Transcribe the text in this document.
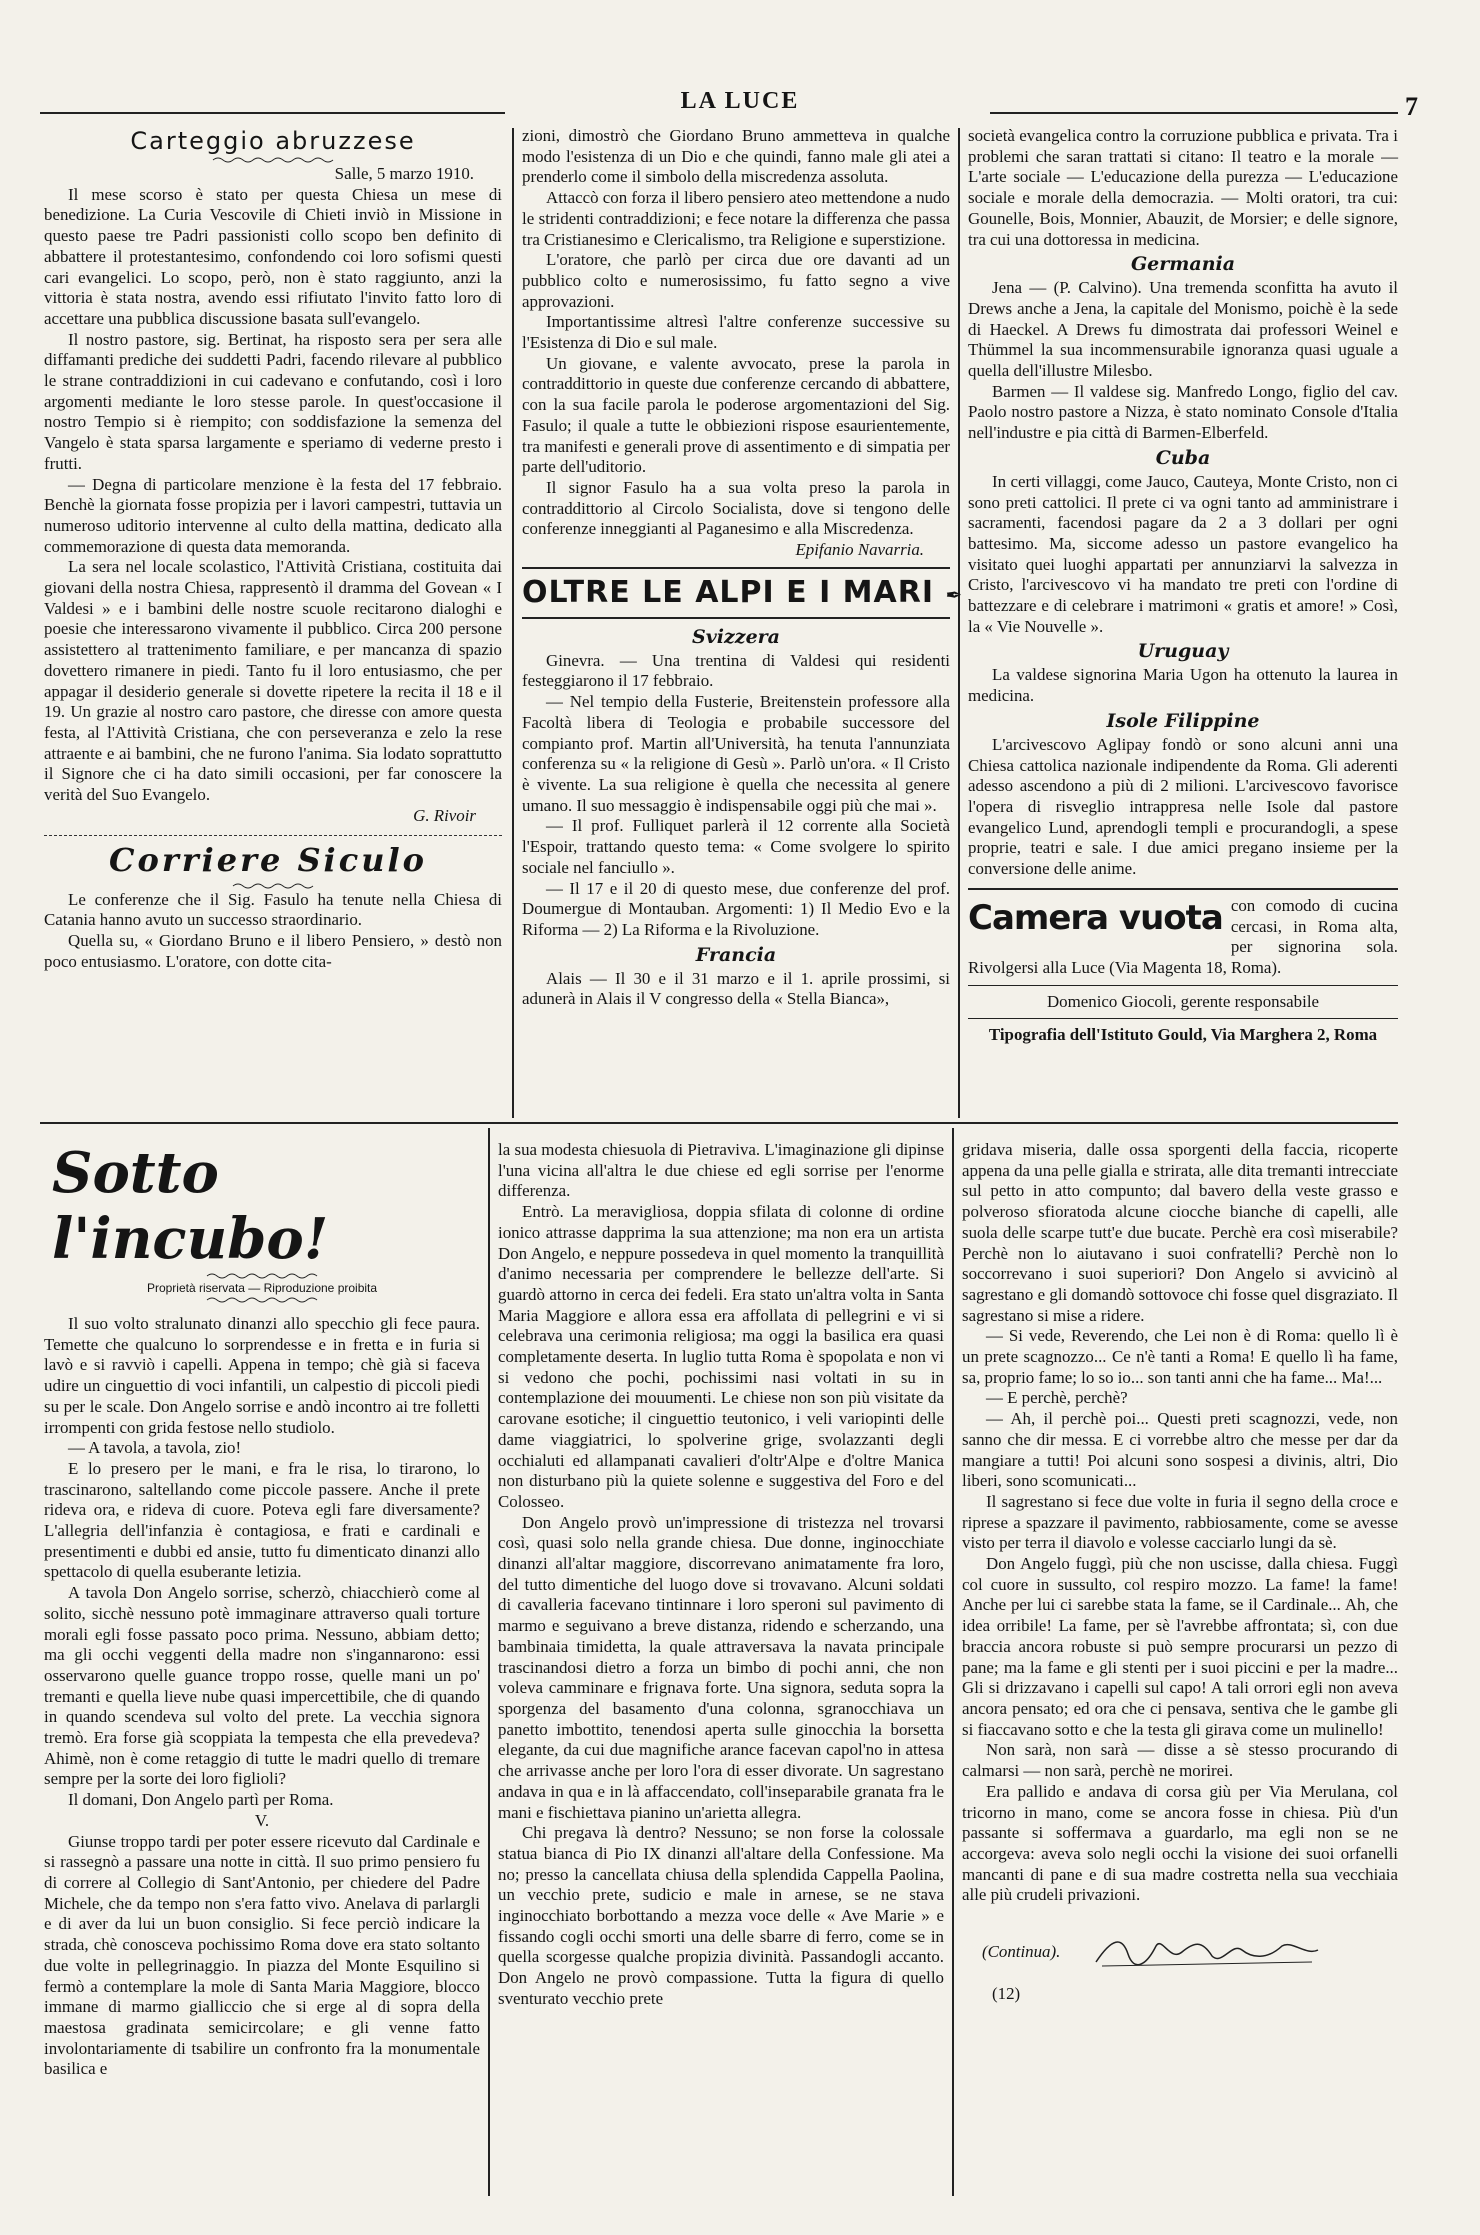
LA LUCE	7
Carteggio abruzzese

Salle, 5 marzo 1910.

Il mese scorso è stato per questa Chiesa un mese di benedizione. La Curia Vescovile di Chieti inviò in Missione in questo paese tre Padri passionisti collo scopo ben definito di abbattere il protestantesimo, confondendo coi loro sofismi questi cari evangelici. Lo scopo, però, non è stato raggiunto, anzi la vittoria è stata nostra, avendo essi rifiutato l'invito fatto loro di accettare una pubblica discussione basata sull'evangelo.

Il nostro pastore, sig. Bertinat, ha risposto sera per sera alle diffamanti prediche dei suddetti Padri, facendo rilevare al pubblico le strane contraddizioni in cui cadevano e confutando, così i loro argomenti mediante le loro stesse parole. In quest'occasione il nostro Tempio si è riempito; con soddisfazione la semenza del Vangelo è stata sparsa largamente e speriamo di vederne presto i frutti.

— Degna di particolare menzione è la festa del 17 febbraio. Benchè la giornata fosse propizia per i lavori campestri, tuttavia un numeroso uditorio intervenne al culto della mattina, dedicato alla commemorazione di questa data memoranda.

La sera nel locale scolastico, l'Attività Cristiana, costituita dai giovani della nostra Chiesa, rappresentò il dramma del Govean « I Valdesi » e i bambini delle nostre scuole recitarono dialoghi e poesie che interessarono vivamente il pubblico. Circa 200 persone assistettero al trattenimento familiare, e per mancanza di spazio dovettero rimanere in piedi. Tanto fu il loro entusiasmo, che per appagar il desiderio generale si dovette ripetere la recita il 18 e il 19. Un grazie al nostro caro pastore, che diresse con amore questa festa, al l'Attività Cristiana, che con perseveranza e zelo la rese attraente e ai bambini, che ne furono l'anima. Sia lodato soprattutto il Signore che ci ha dato simili occasioni, per far conoscere la verità del Suo Evangelo.

G. Rivoir

Corriere Siculo

Le conferenze che il Sig. Fasulo ha tenute nella Chiesa di Catania hanno avuto un successo straordinario.

Quella su, « Giordano Bruno e il libero Pensiero, » destò non poco entusiasmo. L'oratore, con dotte cita-

zioni, dimostrò che Giordano Bruno ammetteva in qualche modo l'esistenza di un Dio e che quindi, fanno male gli atei a prenderlo come il simbolo della miscredenza assoluta.

Attaccò con forza il libero pensiero ateo mettendone a nudo le stridenti contraddizioni; e fece notare la differenza che passa tra Cristianesimo e Clericalismo, tra Religione e superstizione.

L'oratore, che parlò per circa due ore davanti ad un pubblico colto e numerosissimo, fu fatto segno a vive approvazioni.

Importantissime altresì l'altre conferenze successive su l'Esistenza di Dio e sul male.

Un giovane, e valente avvocato, prese la parola in contraddittorio in queste due conferenze cercando di abbattere, con la sua facile parola le poderose argomentazioni del Sig. Fasulo; il quale a tutte le obbiezioni rispose esaurientemente, tra manifesti e generali prove di assentimento e di simpatia per parte dell'uditorio.

Il signor Fasulo ha a sua volta preso la parola in contraddittorio al Circolo Socialista, dove si tengono delle conferenze inneggianti al Paganesimo e alla Miscredenza.

Epifanio Navarria.

OLTRE LE ALPI E I MARI ✒
Svizzera

Ginevra. — Una trentina di Valdesi qui residenti festeggiarono il 17 febbraio.

— Nel tempio della Fusterie, Breitenstein professore alla Facoltà libera di Teologia e probabile successore del compianto prof. Martin all'Università, ha tenuta l'annunziata conferenza su « la religione di Gesù ». Parlò un'ora. « Il Cristo è vivente. La sua religione è quella che necessita al genere umano. Il suo messaggio è indispensabile oggi più che mai ».

— Il prof. Fulliquet parlerà il 12 corrente alla Società l'Espoir, trattando questo tema: « Come svolgere lo spirito sociale nel fanciullo ».

— Il 17 e il 20 di questo mese, due conferenze del prof. Doumergue di Montauban. Argomenti: 1) Il Medio Evo e la Riforma — 2) La Riforma e la Rivoluzione.

Francia

Alais — Il 30 e il 31 marzo e il 1. aprile prossimi, si adunerà in Alais il V congresso della « Stella Bianca»,

società evangelica contro la corruzione pubblica e privata. Tra i problemi che saran trattati si citano: Il teatro e la morale — L'arte sociale — L'educazione della purezza — L'educazione sociale e morale della democrazia. — Molti oratori, tra cui: Gounelle, Bois, Monnier, Abauzit, de Morsier; e delle signore, tra cui una dottoressa in medicina.

Germania

Jena — (P. Calvino). Una tremenda sconfitta ha avuto il Drews anche a Jena, la capitale del Monismo, poichè è la sede di Haeckel. A Drews fu dimostrata dai professori Weinel e Thümmel la sua incommensurabile ignoranza quasi uguale a quella dell'illustre Milesbo.

Barmen — Il valdese sig. Manfredo Longo, figlio del cav. Paolo nostro pastore a Nizza, è stato nominato Console d'Italia nell'industre e pia città di Barmen-Elberfeld.

Cuba

In certi villaggi, come Jauco, Cauteya, Monte Cristo, non ci sono preti cattolici. Il prete ci va ogni tanto ad amministrare i sacramenti, facendosi pagare da 2 a 3 dollari per ogni battesimo. Ma, siccome adesso un pastore evangelico ha visitato quei luoghi appartati per annunziarvi la salvezza in Cristo, l'arcivescovo vi ha mandato tre preti con l'ordine di battezzare e di celebrare i matrimoni « gratis et amore! » Così, la « Vie Nouvelle ».

Uruguay

La valdese signorina Maria Ugon ha ottenuto la laurea in medicina.

Isole Filippine

L'arcivescovo Aglipay fondò or sono alcuni anni una Chiesa cattolica nazionale indipendente da Roma. Gli aderenti adesso ascendono a più di 2 milioni. L'arcivescovo favorisce l'opera di risveglio intrappresa nelle Isole dal pastore evangelico Lund, aprendogli templi e procurandogli, a spese proprie, teatri e sale. I due amici pregano insieme per la conversione delle anime.

Camera vuota con comodo di cucina cercasi, in Roma alta, per signorina sola. Rivolgersi alla Luce (Via Magenta 18, Roma).

Domenico Giocoli, gerente responsabile

Tipografia dell'Istituto Gould, Via Marghera 2, Roma

Sotto l'incubo!
Proprietà riservata — Riproduzione proibita

Il suo volto stralunato dinanzi allo specchio gli fece paura. Temette che qualcuno lo sorprendesse e in fretta e in furia si lavò e si ravviò i capelli. Appena in tempo; chè già si faceva udire un cinguettio di voci infantili, un calpestio di piccoli piedi su per le scale. Don Angelo sorrise e andò incontro ai tre folletti irrompenti con grida festose nello studiolo.

— A tavola, a tavola, zio!

E lo presero per le mani, e fra le risa, lo tirarono, lo trascinarono, saltellando come piccole passere. Anche il prete rideva ora, e rideva di cuore. Poteva egli fare diversamente? L'allegria dell'infanzia è contagiosa, e frati e cardinali e presentimenti e dubbi ed ansie, tutto fu dimenticato dinanzi allo spettacolo di quella esuberante letizia.

A tavola Don Angelo sorrise, scherzò, chiacchierò come al solito, sicchè nessuno potè immaginare attraverso quali torture morali egli fosse passato poco prima. Nessuno, abbiam detto; ma gli occhi veggenti della madre non s'ingannarono: essi osservarono quelle guance troppo rosse, quelle mani un po' tremanti e quella lieve nube quasi impercettibile, che di quando in quando scendeva sul volto del prete. La vecchia signora tremò. Era forse già scoppiata la tempesta che ella prevedeva? Ahimè, non è come retaggio di tutte le madri quello di tremare sempre per la sorte dei loro figlioli?

Il domani, Don Angelo partì per Roma.

V.

Giunse troppo tardi per poter essere ricevuto dal Cardinale e si rassegnò a passare una notte in città. Il suo primo pensiero fu di correre al Collegio di Sant'Antonio, per chiedere del Padre Michele, che da tempo non s'era fatto vivo. Anelava di parlargli e di aver da lui un buon consiglio. Si fece perciò indicare la strada, chè conosceva pochissimo Roma dove era stato soltanto due volte in pellegrinaggio. In piazza del Monte Esquilino si fermò a contemplare la mole di Santa Maria Maggiore, blocco immane di marmo gialliccio che si erge al di sopra della maestosa gradinata semicircolare; e gli venne fatto involontariamente di tsabilire un confronto fra la monumentale basilica e

la sua modesta chiesuola di Pietraviva. L'imaginazione gli dipinse l'una vicina all'altra le due chiese ed egli sorrise per l'enorme differenza.

Entrò. La meravigliosa, doppia sfilata di colonne di ordine ionico attrasse dapprima la sua attenzione; ma non era un artista Don Angelo, e neppure possedeva in quel momento la tranquillità d'animo necessaria per comprendere le bellezze dell'arte. Si guardò attorno in cerca dei fedeli. Era stato un'altra volta in Santa Maria Maggiore e allora essa era affollata di pellegrini e vi si celebrava una cerimonia religiosa; ma oggi la basilica era quasi completamente deserta. In luglio tutta Roma è spopolata e non vi si vedono che pochi, pochissimi nasi voltati in su in contemplazione dei mouumenti. Le chiese non son più visitate da carovane esotiche; il cinguettio teutonico, i veli variopinti delle dame viaggiatrici, lo spolverine grige, svolazzanti degli occhialuti ed allampanati cavalieri d'oltr'Alpe e d'oltre Manica non disturbano più la quiete solenne e suggestiva del Foro e del Colosseo.

Don Angelo provò un'impressione di tristezza nel trovarsi così, quasi solo nella grande chiesa. Due donne, inginocchiate dinanzi all'altar maggiore, discorrevano animatamente fra loro, del tutto dimentiche del luogo dove si trovavano. Alcuni soldati di cavalleria facevano tintinnare i loro speroni sul pavimento di marmo e seguivano a breve distanza, ridendo e scherzando, una bambinaia timidetta, la quale attraversava la navata principale trascinandosi dietro a forza un bimbo di pochi anni, che non voleva camminare e frignava forte. Una signora, seduta sopra la sporgenza del basamento d'una colonna, sgranocchiava un panetto imbottito, tenendosi aperta sulle ginocchia la borsetta elegante, da cui due magnifiche arance facevan capol'no in attesa che arrivasse anche per loro l'ora di esser divorate. Un sagrestano andava in qua e in là affaccendato, coll'inseparabile granata fra le mani e fischiettava pianino un'arietta allegra.

Chi pregava là dentro? Nessuno; se non forse la colossale statua bianca di Pio IX dinanzi all'altare della Confessione. Ma no; presso la cancellata chiusa della splendida Cappella Paolina, un vecchio prete, sudicio e male in arnese, se ne stava inginocchiato borbottando a mezza voce delle « Ave Marie » e fissando cogli occhi smorti una delle sbarre di ferro, come se in quella scorgesse qualche propizia divinità. Passandogli accanto. Don Angelo ne provò compassione. Tutta la figura di quello sventurato vecchio prete

gridava miseria, dalle ossa sporgenti della faccia, ricoperte appena da una pelle gialla e strirata, alle dita tremanti intrecciate sul petto in atto compunto; dal bavero della veste grasso e polveroso sfioratoda alcune ciocche bianche di capelli, alle suola delle scarpe tutt'e due bucate. Perchè era così miserabile? Perchè non lo aiutavano i suoi confratelli? Perchè non lo soccorrevano i suoi superiori? Don Angelo si avvicinò al sagrestano e gli domandò sottovoce chi fosse quel disgraziato. Il sagrestano si mise a ridere.

— Si vede, Reverendo, che Lei non è di Roma: quello lì è un prete scagnozzo... Ce n'è tanti a Roma! E quello lì ha fame, sa, proprio fame; lo so io... son tanti anni che ha fame... Ma!...

— E perchè, perchè?

— Ah, il perchè poi... Questi preti scagnozzi, vede, non sanno che dir messa. E ci vorrebbe altro che messe per dar da mangiare a tutti! Poi alcuni sono sospesi a divinis, altri, Dio liberi, sono scomunicati...

Il sagrestano si fece due volte in furia il segno della croce e riprese a spazzare il pavimento, rabbiosamente, come se avesse visto per terra il diavolo e volesse cacciarlo lungi da sè.

Don Angelo fuggì, più che non uscisse, dalla chiesa. Fuggì col cuore in sussulto, col respiro mozzo. La fame! la fame! Anche per lui ci sarebbe stata la fame, se il Cardinale... Ah, che idea orribile! La fame, per sè l'avrebbe affrontata; sì, con due braccia ancora robuste si può sempre procurarsi un pezzo di pane; ma la fame e gli stenti per i suoi piccini e per la madre... Gli si drizzavano i capelli sul capo! A tali orrori egli non aveva ancora pensato; ed ora che ci pensava, sentiva che le gambe gli si fiaccavano sotto e che la testa gli girava come un mulinello!

Non sarà, non sarà — disse a sè stesso procurando di calmarsi — non sarà, perchè ne morirei.

Era pallido e andava di corsa giù per Via Merulana, col tricorno in mano, come se ancora fosse in chiesa. Più d'un passante si soffermava a guardarlo, ma egli non se ne accorgeva: aveva solo negli occhi la visione dei suoi orfanelli mancanti di pane e di sua madre costretta nella sua vecchiaia alle più crudeli privazioni.

(Continua).
(12)
